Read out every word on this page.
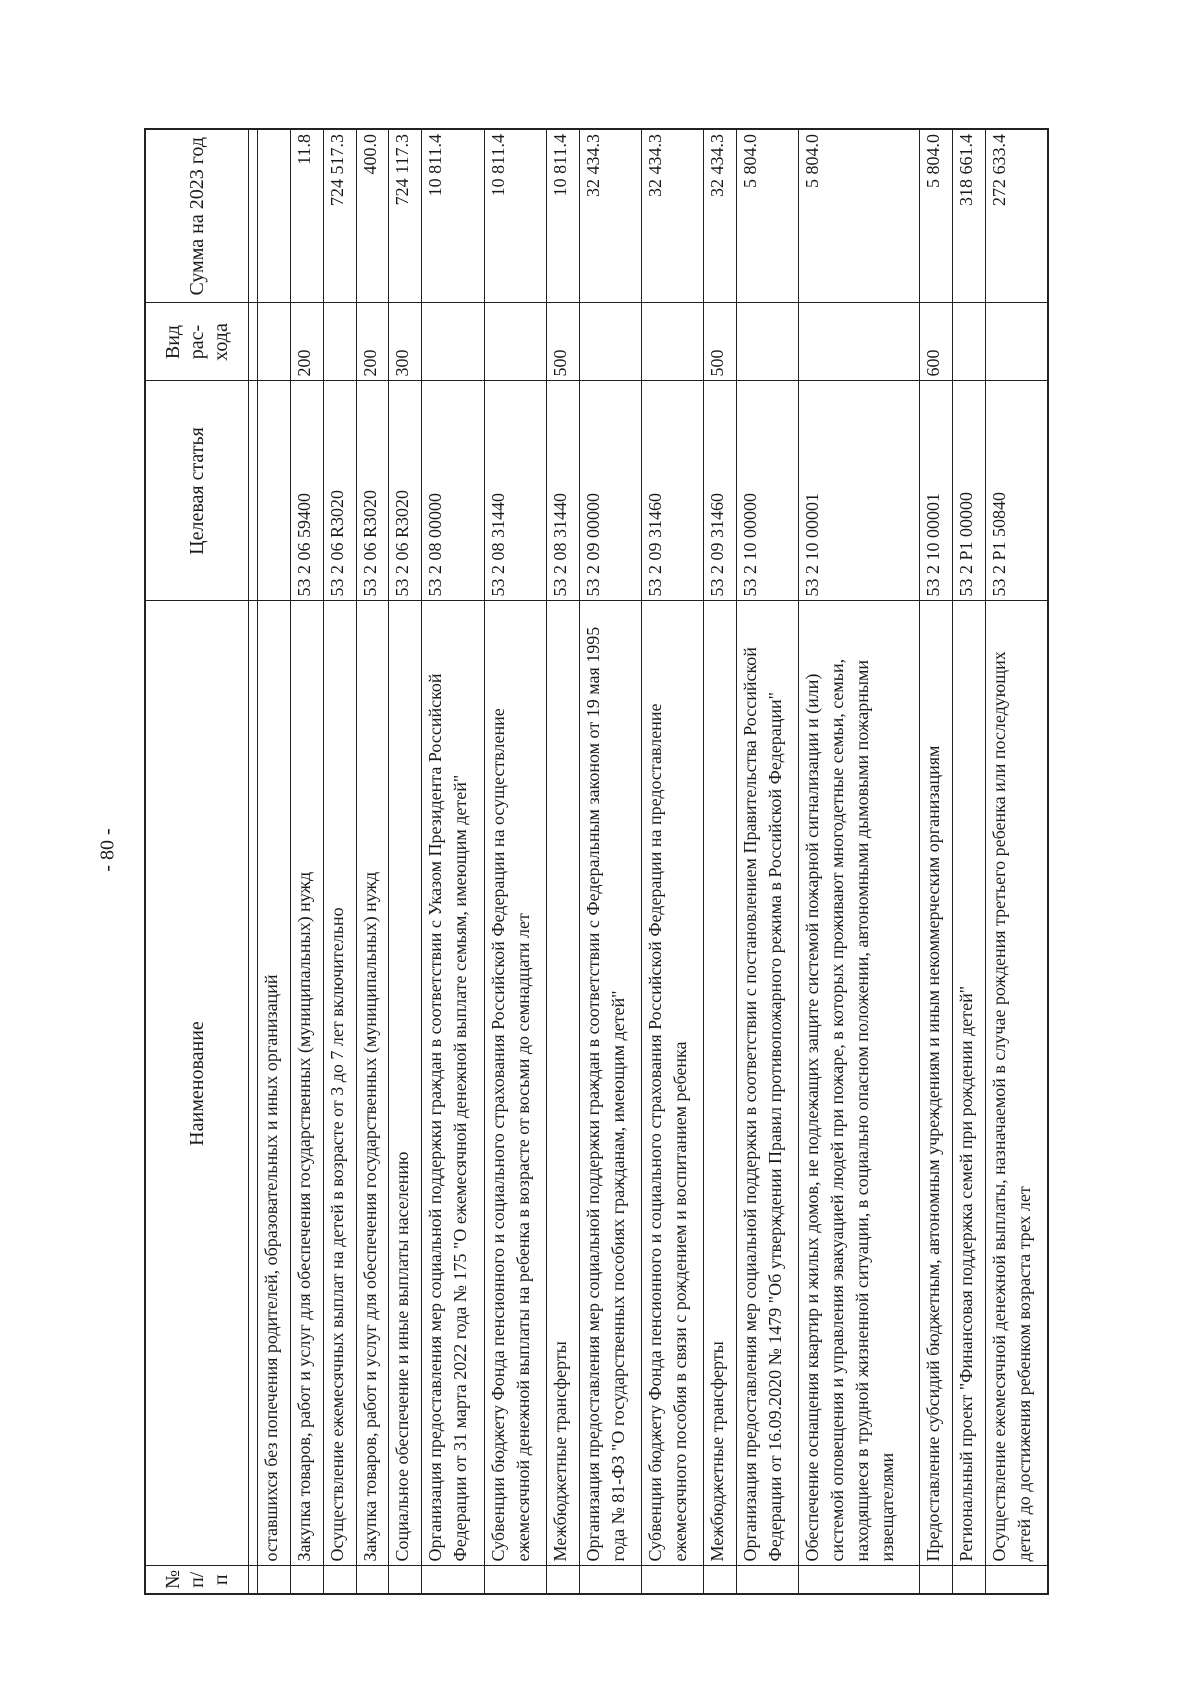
- 80 -
№ п/п	Наименование	Целевая статья	Вид рас-хода	Сумма на 2023 год

	оставшихся без попечения родителей, образовательных и иных организаций			
	Закупка товаров, работ и услуг для обеспечения государственных (муниципальных) нужд	53 2 06 59400	200	11.8
	Осуществление ежемесячных выплат на детей в возрасте от 3 до 7 лет включительно	53 2 06 R3020		724 517.3
	Закупка товаров, работ и услуг для обеспечения государственных (муниципальных) нужд	53 2 06 R3020	200	400.0
	Социальное обеспечение и иные выплаты населению	53 2 06 R3020	300	724 117.3
	Организация предоставления мер социальной поддержки граждан в соответствии с Указом Президента Российской Федерации от 31 марта 2022 года № 175 "О ежемесячной денежной выплате семьям, имеющим детей"	53 2 08 00000		10 811.4
	Субвенции бюджету Фонда пенсионного и социального страхования Российской Федерации на осуществление ежемесячной денежной выплаты на ребенка в возрасте от восьми до семнадцати лет	53 2 08 31440		10 811.4
	Межбюджетные трансферты	53 2 08 31440	500	10 811.4
	Организация предоставления мер социальной поддержки граждан в соответствии с Федеральным законом от 19 мая 1995 года № 81-ФЗ "О государственных пособиях гражданам, имеющим детей"	53 2 09 00000		32 434.3
	Субвенции бюджету Фонда пенсионного и социального страхования Российской Федерации на предоставление ежемесячного пособия в связи с рождением и воспитанием ребенка	53 2 09 31460		32 434.3
	Межбюджетные трансферты	53 2 09 31460	500	32 434.3
	Организация предоставления мер социальной поддержки в соответствии с постановлением Правительства Российской Федерации от 16.09.2020 № 1479 "Об утверждении Правил противопожарного режима в Российской Федерации"	53 2 10 00000		5 804.0
	Обеспечение оснащения квартир и жилых домов, не подлежащих защите системой пожарной сигнализации и (или) системой оповещения и управления эвакуацией людей при пожаре, в которых проживают многодетные семьи, семьи, находящиеся в трудной жизненной ситуации, в социально опасном положении, автономными дымовыми пожарными извещателями	53 2 10 00001		5 804.0
	Предоставление субсидий бюджетным, автономным учреждениям и иным некоммерческим организациям	53 2 10 00001	600	5 804.0
	Региональный проект "Финансовая поддержка семей при рождении детей"	53 2 P1 00000		318 661.4
	Осуществление ежемесячной денежной выплаты, назначаемой в случае рождения третьего ребенка или последующих детей до достижения ребенком возраста трех лет	53 2 P1 50840		272 633.4
